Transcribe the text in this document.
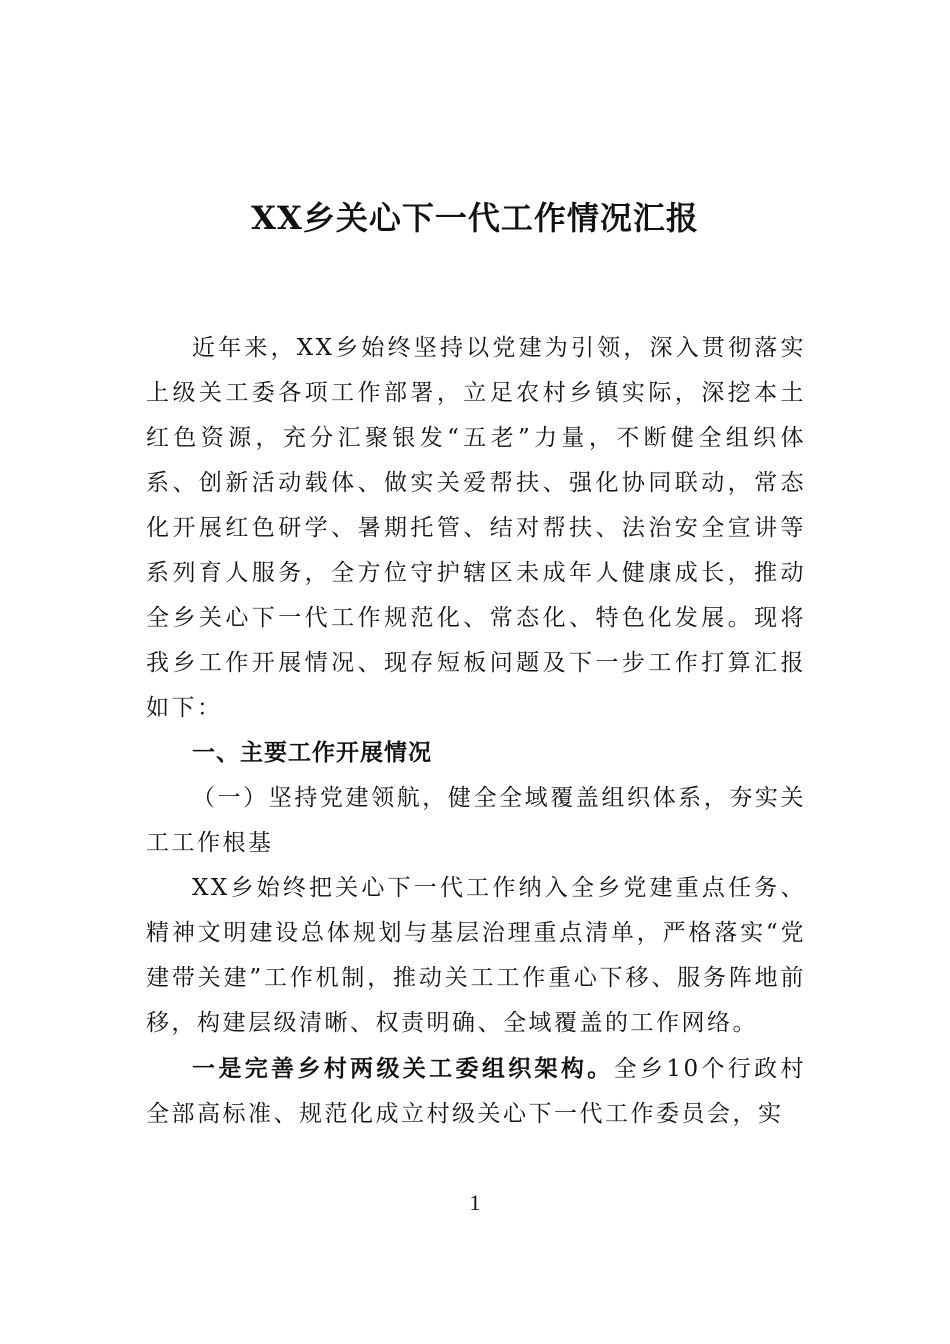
XX乡关心下一代工作情况汇报

近年来，XX乡始终坚持以党建为引领，深入贯彻落实上级关工委各项工作部署，立足农村乡镇实际，深挖本土红色资源，充分汇聚银发“五老”力量，不断健全组织体系、创新活动载体、做实关爱帮扶、强化协同联动，常态化开展红色研学、暑期托管、结对帮扶、法治安全宣讲等系列育人服务，全方位守护辖区未成年人健康成长，推动全乡关心下一代工作规范化、常态化、特色化发展。现将我乡工作开展情况、现存短板问题及下一步工作打算汇报如下：

一、主要工作开展情况

（一）坚持党建领航，健全全域覆盖组织体系，夯实关工工作根基

XX乡始终把关心下一代工作纳入全乡党建重点任务、精神文明建设总体规划与基层治理重点清单，严格落实“党建带关建”工作机制，推动关工工作重心下移、服务阵地前移，构建层级清晰、权责明确、全域覆盖的工作网络。

一是完善乡村两级关工委组织架构。全乡10个行政村全部高标准、规范化成立村级关心下一代工作委员会，实

1
